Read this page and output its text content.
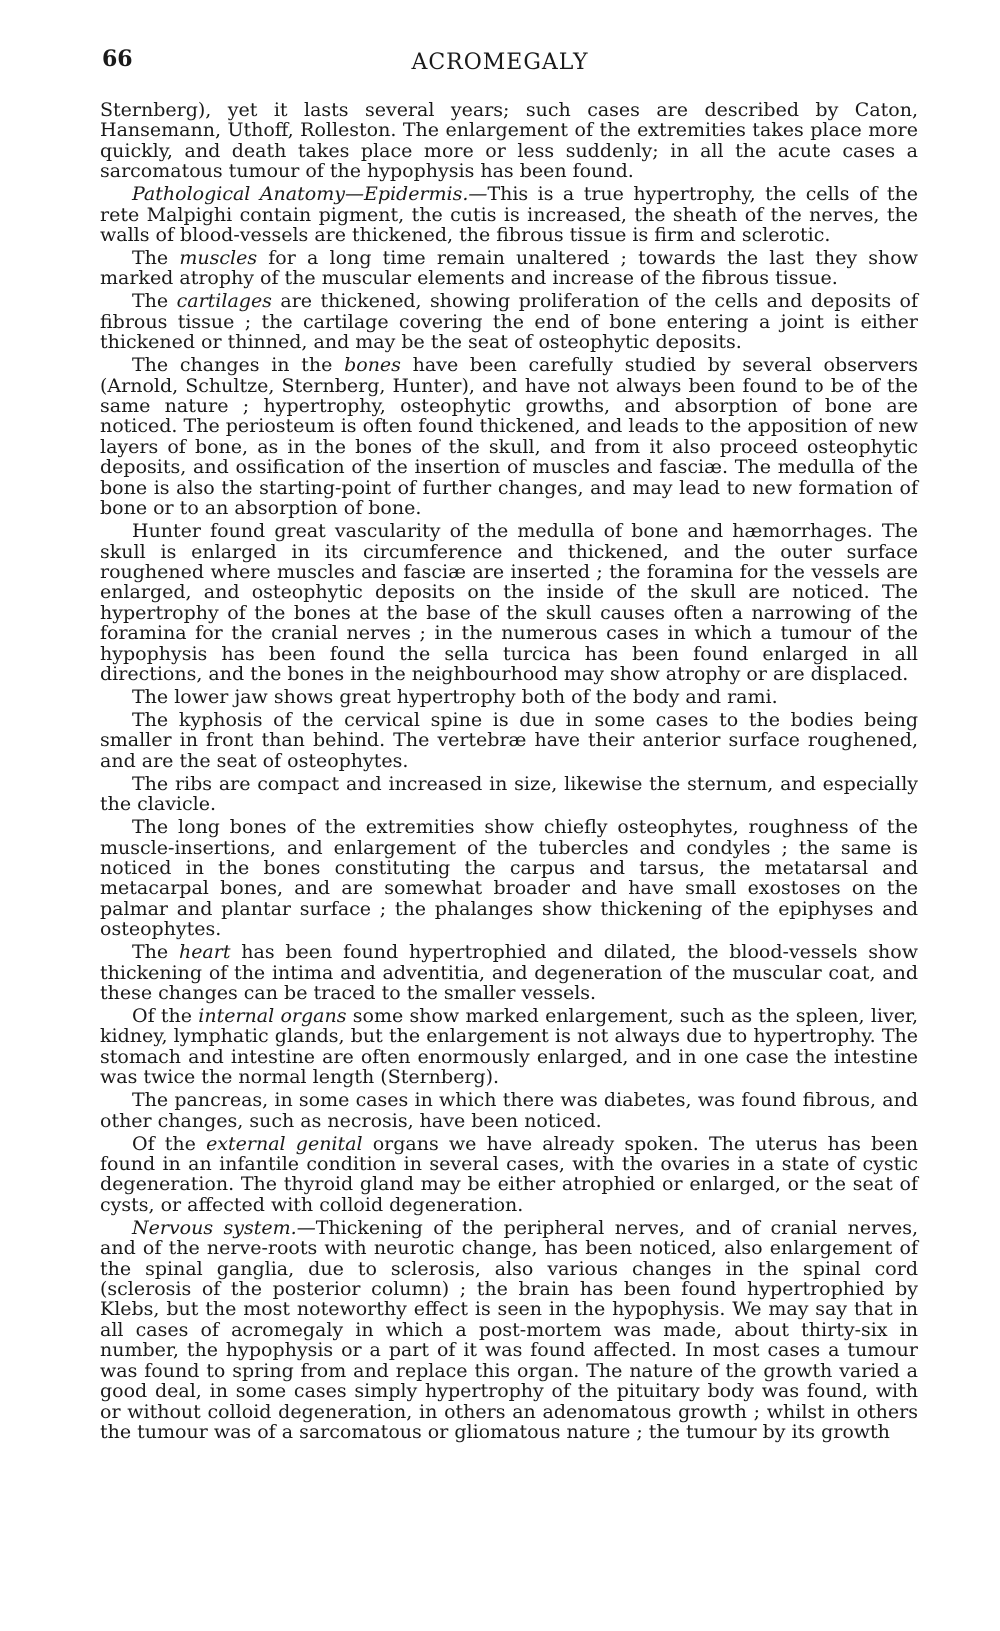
66	ACROMEGALY

Sternberg), yet it lasts several years; such cases are described by Caton, Hansemann, Uthoff, Rolleston. The enlargement of the extremities takes place more quickly, and death takes place more or less suddenly; in all the acute cases a sarcomatous tumour of the hypophysis has been found.

Pathological Anatomy—Epidermis.—This is a true hypertrophy, the cells of the rete Malpighi contain pigment, the cutis is increased, the sheath of the nerves, the walls of blood-vessels are thickened, the fibrous tissue is firm and sclerotic.

The muscles for a long time remain unaltered ; towards the last they show marked atrophy of the muscular elements and increase of the fibrous tissue.

The cartilages are thickened, showing proliferation of the cells and deposits of fibrous tissue ; the cartilage covering the end of bone entering a joint is either thickened or thinned, and may be the seat of osteophytic deposits.

The changes in the bones have been carefully studied by several observers (Arnold, Schultze, Sternberg, Hunter), and have not always been found to be of the same nature ; hypertrophy, osteophytic growths, and absorption of bone are noticed. The periosteum is often found thickened, and leads to the apposition of new layers of bone, as in the bones of the skull, and from it also proceed osteophytic deposits, and ossification of the insertion of muscles and fasciæ. The medulla of the bone is also the starting-point of further changes, and may lead to new formation of bone or to an absorption of bone.

Hunter found great vascularity of the medulla of bone and hæmorrhages. The skull is enlarged in its circumference and thickened, and the outer surface roughened where muscles and fasciæ are inserted ; the foramina for the vessels are enlarged, and osteophytic deposits on the inside of the skull are noticed. The hypertrophy of the bones at the base of the skull causes often a narrowing of the foramina for the cranial nerves ; in the numerous cases in which a tumour of the hypophysis has been found the sella turcica has been found enlarged in all directions, and the bones in the neighbourhood may show atrophy or are displaced.

The lower jaw shows great hypertrophy both of the body and rami.

The kyphosis of the cervical spine is due in some cases to the bodies being smaller in front than behind. The vertebræ have their anterior surface roughened, and are the seat of osteophytes.

The ribs are compact and increased in size, likewise the sternum, and especially the clavicle.

The long bones of the extremities show chiefly osteophytes, roughness of the muscle-insertions, and enlargement of the tubercles and condyles ; the same is noticed in the bones constituting the carpus and tarsus, the metatarsal and metacarpal bones, and are somewhat broader and have small exostoses on the palmar and plantar surface ; the phalanges show thickening of the epiphyses and osteophytes.

The heart has been found hypertrophied and dilated, the blood-vessels show thickening of the intima and adventitia, and degeneration of the muscular coat, and these changes can be traced to the smaller vessels.

Of the internal organs some show marked enlargement, such as the spleen, liver, kidney, lymphatic glands, but the enlargement is not always due to hypertrophy. The stomach and intestine are often enormously enlarged, and in one case the intestine was twice the normal length (Sternberg).

The pancreas, in some cases in which there was diabetes, was found fibrous, and other changes, such as necrosis, have been noticed.

Of the external genital organs we have already spoken. The uterus has been found in an infantile condition in several cases, with the ovaries in a state of cystic degeneration. The thyroid gland may be either atrophied or enlarged, or the seat of cysts, or affected with colloid degeneration.

Nervous system.—Thickening of the peripheral nerves, and of cranial nerves, and of the nerve-roots with neurotic change, has been noticed, also enlargement of the spinal ganglia, due to sclerosis, also various changes in the spinal cord (sclerosis of the posterior column) ; the brain has been found hypertrophied by Klebs, but the most noteworthy effect is seen in the hypophysis. We may say that in all cases of acromegaly in which a post-mortem was made, about thirty-six in number, the hypophysis or a part of it was found affected. In most cases a tumour was found to spring from and replace this organ. The nature of the growth varied a good deal, in some cases simply hypertrophy of the pituitary body was found, with or without colloid degeneration, in others an adenomatous growth ; whilst in others the tumour was of a sarcomatous or gliomatous nature ; the tumour by its growth
